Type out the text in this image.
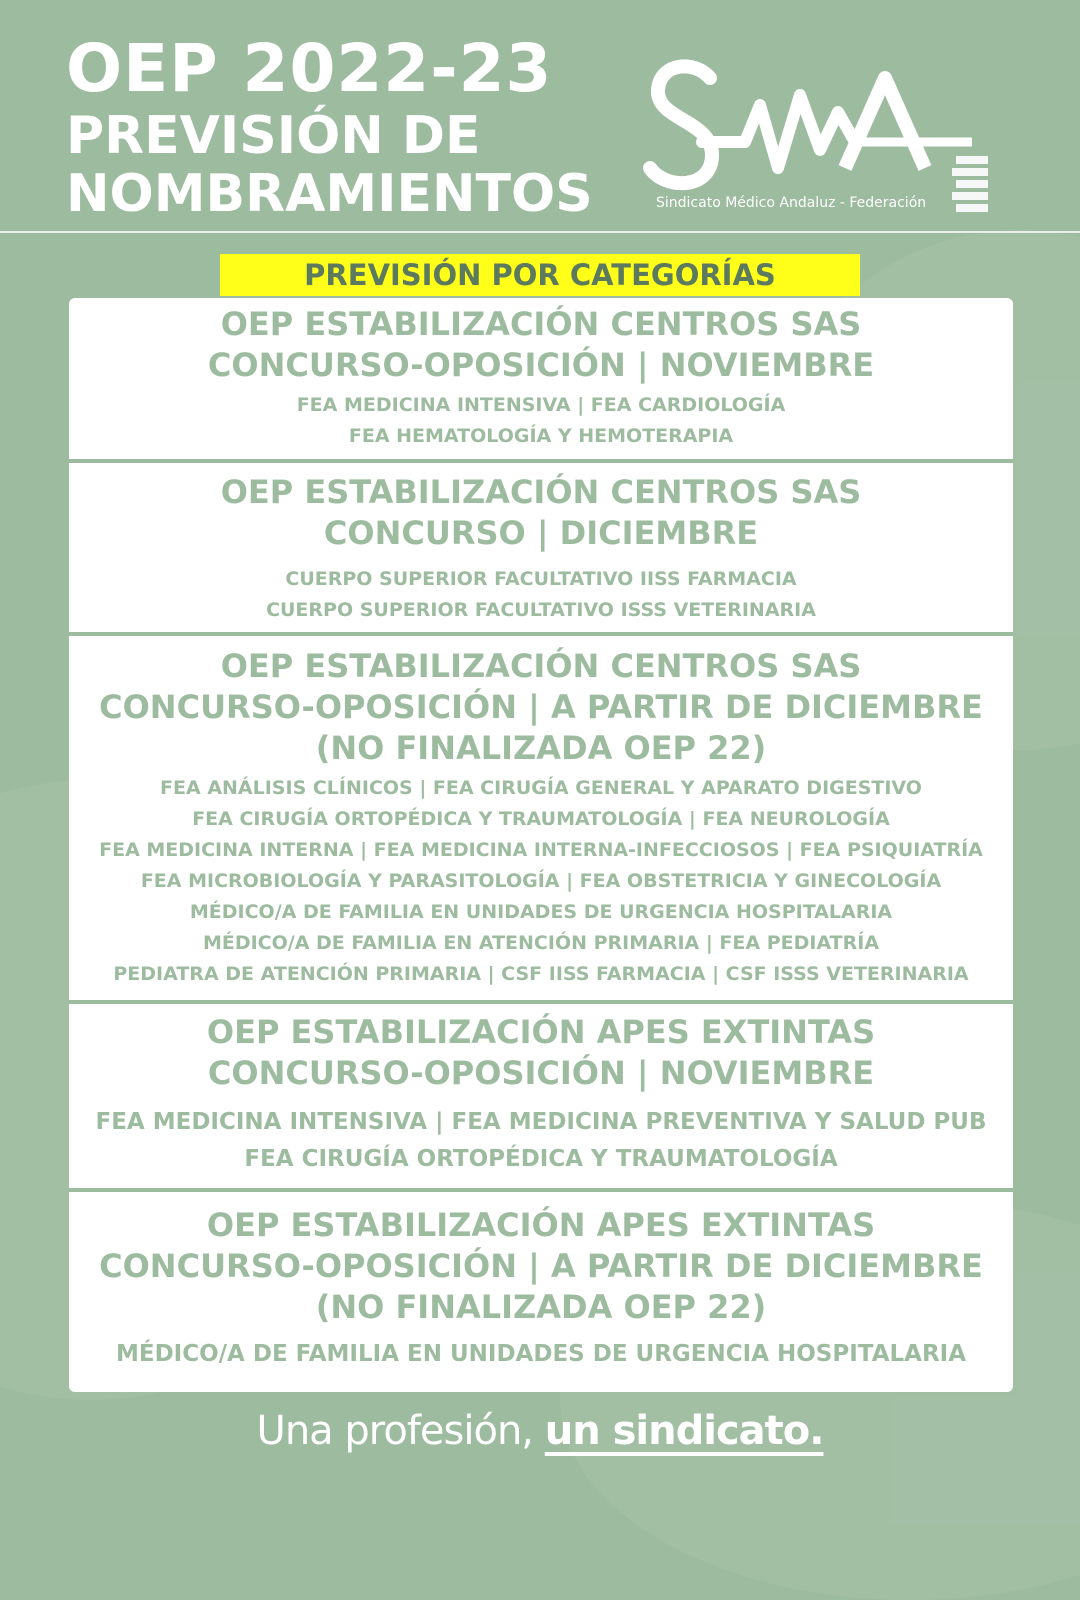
OEP 2022-23
PREVISIÓN DE
NOMBRAMIENTOS	Sindicato Médico Andaluz - Federación
PREVISIÓN POR CATEGORÍAS
OEP ESTABILIZACIÓN CENTROS SAS
CONCURSO-OPOSICIÓN | NOVIEMBRE
FEA MEDICINA INTENSIVA | FEA CARDIOLOGÍA
FEA HEMATOLOGÍA Y HEMOTERAPIA
OEP ESTABILIZACIÓN CENTROS SAS
CONCURSO | DICIEMBRE
CUERPO SUPERIOR FACULTATIVO IISS FARMACIA
CUERPO SUPERIOR FACULTATIVO ISSS VETERINARIA
OEP ESTABILIZACIÓN CENTROS SAS
CONCURSO-OPOSICIÓN | A PARTIR DE DICIEMBRE
(NO FINALIZADA OEP 22)
FEA ANÁLISIS CLÍNICOS | FEA CIRUGÍA GENERAL Y APARATO DIGESTIVO
FEA CIRUGÍA ORTOPÉDICA Y TRAUMATOLOGÍA | FEA NEUROLOGÍA
FEA MEDICINA INTERNA | FEA MEDICINA INTERNA-INFECCIOSOS | FEA PSIQUIATRÍA
FEA MICROBIOLOGÍA Y PARASITOLOGÍA | FEA OBSTETRICIA Y GINECOLOGÍA
MÉDICO/A DE FAMILIA EN UNIDADES DE URGENCIA HOSPITALARIA
MÉDICO/A DE FAMILIA EN ATENCIÓN PRIMARIA | FEA PEDIATRÍA
PEDIATRA DE ATENCIÓN PRIMARIA | CSF IISS FARMACIA | CSF ISSS VETERINARIA
OEP ESTABILIZACIÓN APES EXTINTAS
CONCURSO-OPOSICIÓN | NOVIEMBRE
FEA MEDICINA INTENSIVA | FEA MEDICINA PREVENTIVA Y SALUD PUB
FEA CIRUGÍA ORTOPÉDICA Y TRAUMATOLOGÍA
OEP ESTABILIZACIÓN APES EXTINTAS
CONCURSO-OPOSICIÓN | A PARTIR DE DICIEMBRE
(NO FINALIZADA OEP 22)
MÉDICO/A DE FAMILIA EN UNIDADES DE URGENCIA HOSPITALARIA
Una profesión, un sindicato.
